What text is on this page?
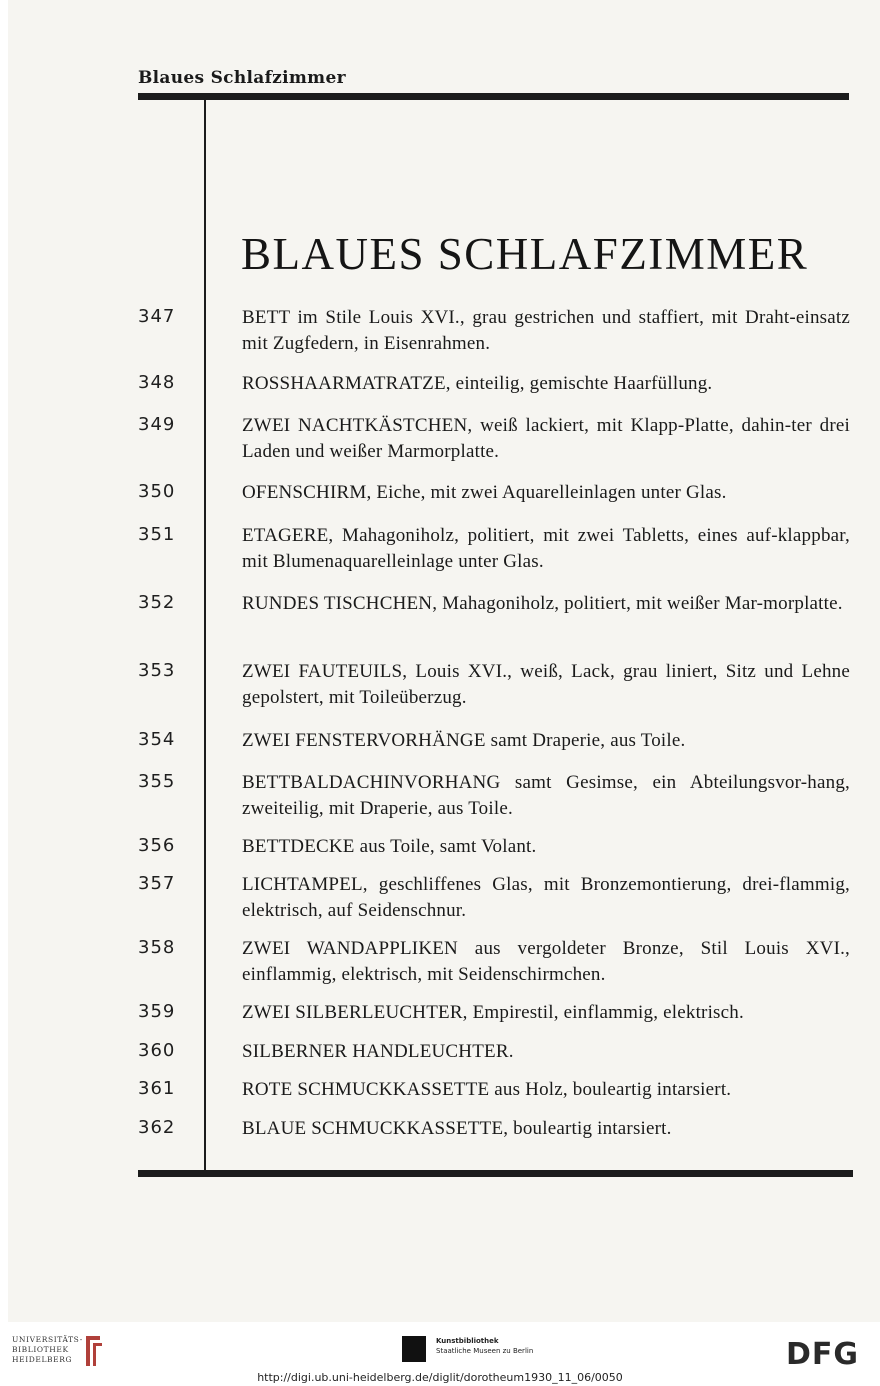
Blaues Schlafzimmer
BLAUES SCHLAFZIMMER
347	BETT im Stile Louis XVI., grau gestrichen und staffiert, mit Draht-einsatz mit Zugfedern, in Eisenrahmen.
348	ROSSHAARMATRATZE, einteilig, gemischte Haarfüllung.
349	ZWEI NACHTKÄSTCHEN, weiß lackiert, mit Klapp-Platte, dahin-ter drei Laden und weißer Marmorplatte.
350	OFENSCHIRM, Eiche, mit zwei Aquarelleinlagen unter Glas.
351	ETAGERE, Mahagoniholz, politiert, mit zwei Tabletts, eines auf-klappbar, mit Blumenaquarelleinlage unter Glas.
352	RUNDES TISCHCHEN, Mahagoniholz, politiert, mit weißer Mar-morplatte.
353	ZWEI FAUTEUILS, Louis XVI., weiß, Lack, grau liniert, Sitz und Lehne gepolstert, mit Toileüberzug.
354	ZWEI FENSTERVORHÄNGE samt Draperie, aus Toile.
355	BETTBALDACHINVORHANG samt Gesimse, ein Abteilungsvor-hang, zweiteilig, mit Draperie, aus Toile.
356	BETTDECKE aus Toile, samt Volant.
357	LICHTAMPEL, geschliffenes Glas, mit Bronzemontierung, drei-flammig, elektrisch, auf Seidenschnur.
358	ZWEI WANDAPPLIKEN aus vergoldeter Bronze, Stil Louis XVI., einflammig, elektrisch, mit Seidenschirmchen.
359	ZWEI SILBERLEUCHTER, Empirestil, einflammig, elektrisch.
360	SILBERNER HANDLEUCHTER.
361	ROTE SCHMUCKKASSETTE aus Holz, bouleartig intarsiert.
362	BLAUE SCHMUCKKASSETTE, bouleartig intarsiert.
UNIVERSITÄTS-
BIBLIOTHEK
HEIDELBERG
Kunstbibliothek
Staatliche Museen zu Berlin	DFG
http://digi.ub.uni-heidelberg.de/diglit/dorotheum1930_11_06/0050
